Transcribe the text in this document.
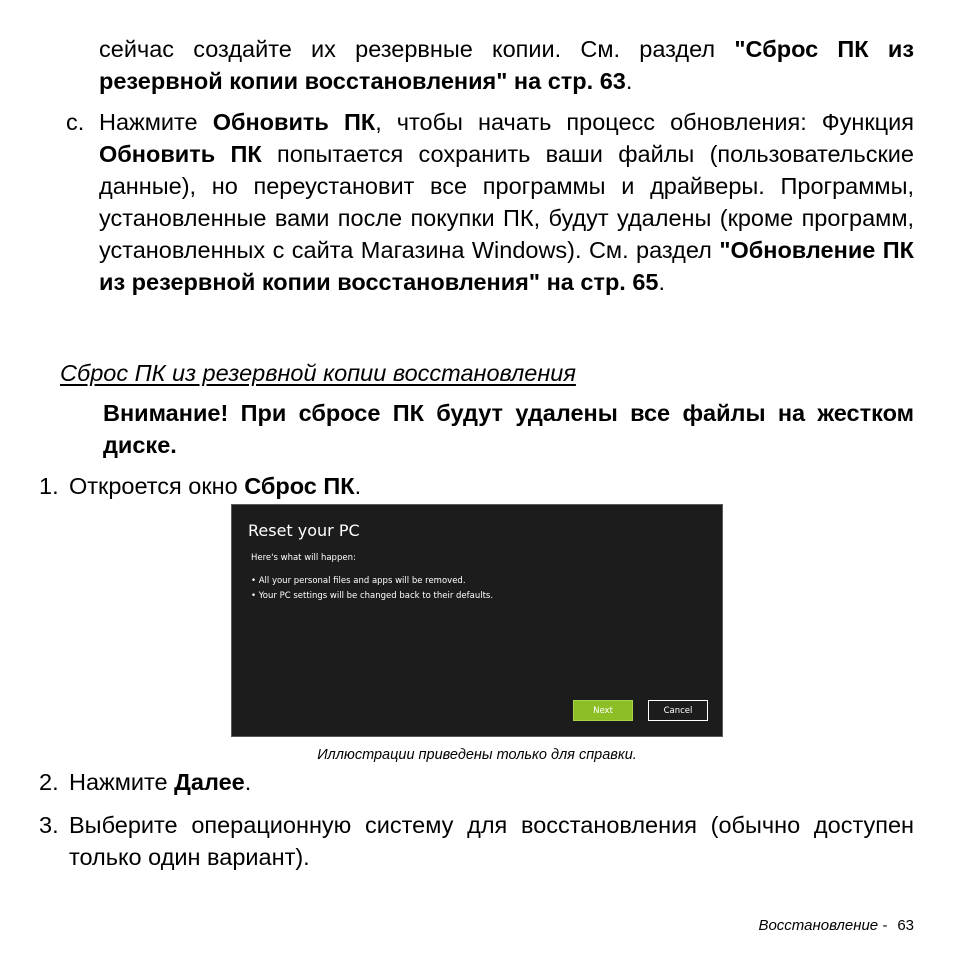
сейчас создайте их резервные копии. См. раздел "Сброс ПК из резервной копии восстановления" на стр. 63.

c. Нажмите Обновить ПК, чтобы начать процесс обновления: Функция Обновить ПК попытается сохранить ваши файлы (пользовательские данные), но переустановит все программы и драйверы. Программы, установленные вами после покупки ПК, будут удалены (кроме программ, установленных с сайта Магазина Windows). См. раздел "Обновление ПК из резервной копии восстановления" на стр. 65.

Сброс ПК из резервной копии восстановления

Внимание! При сбросе ПК будут удалены все файлы на жестком диске.

1. Откроется окно Сброс ПК.

Reset your PC
Here's what will happen:
• All your personal files and apps will be removed.
• Your PC settings will be changed back to their defaults.
Next	Cancel
Иллюстрации приведены только для справки.
2. Нажмите Далее.

3. Выберите операционную систему для восстановления (обычно доступен только один вариант).

Восстановление - 63
